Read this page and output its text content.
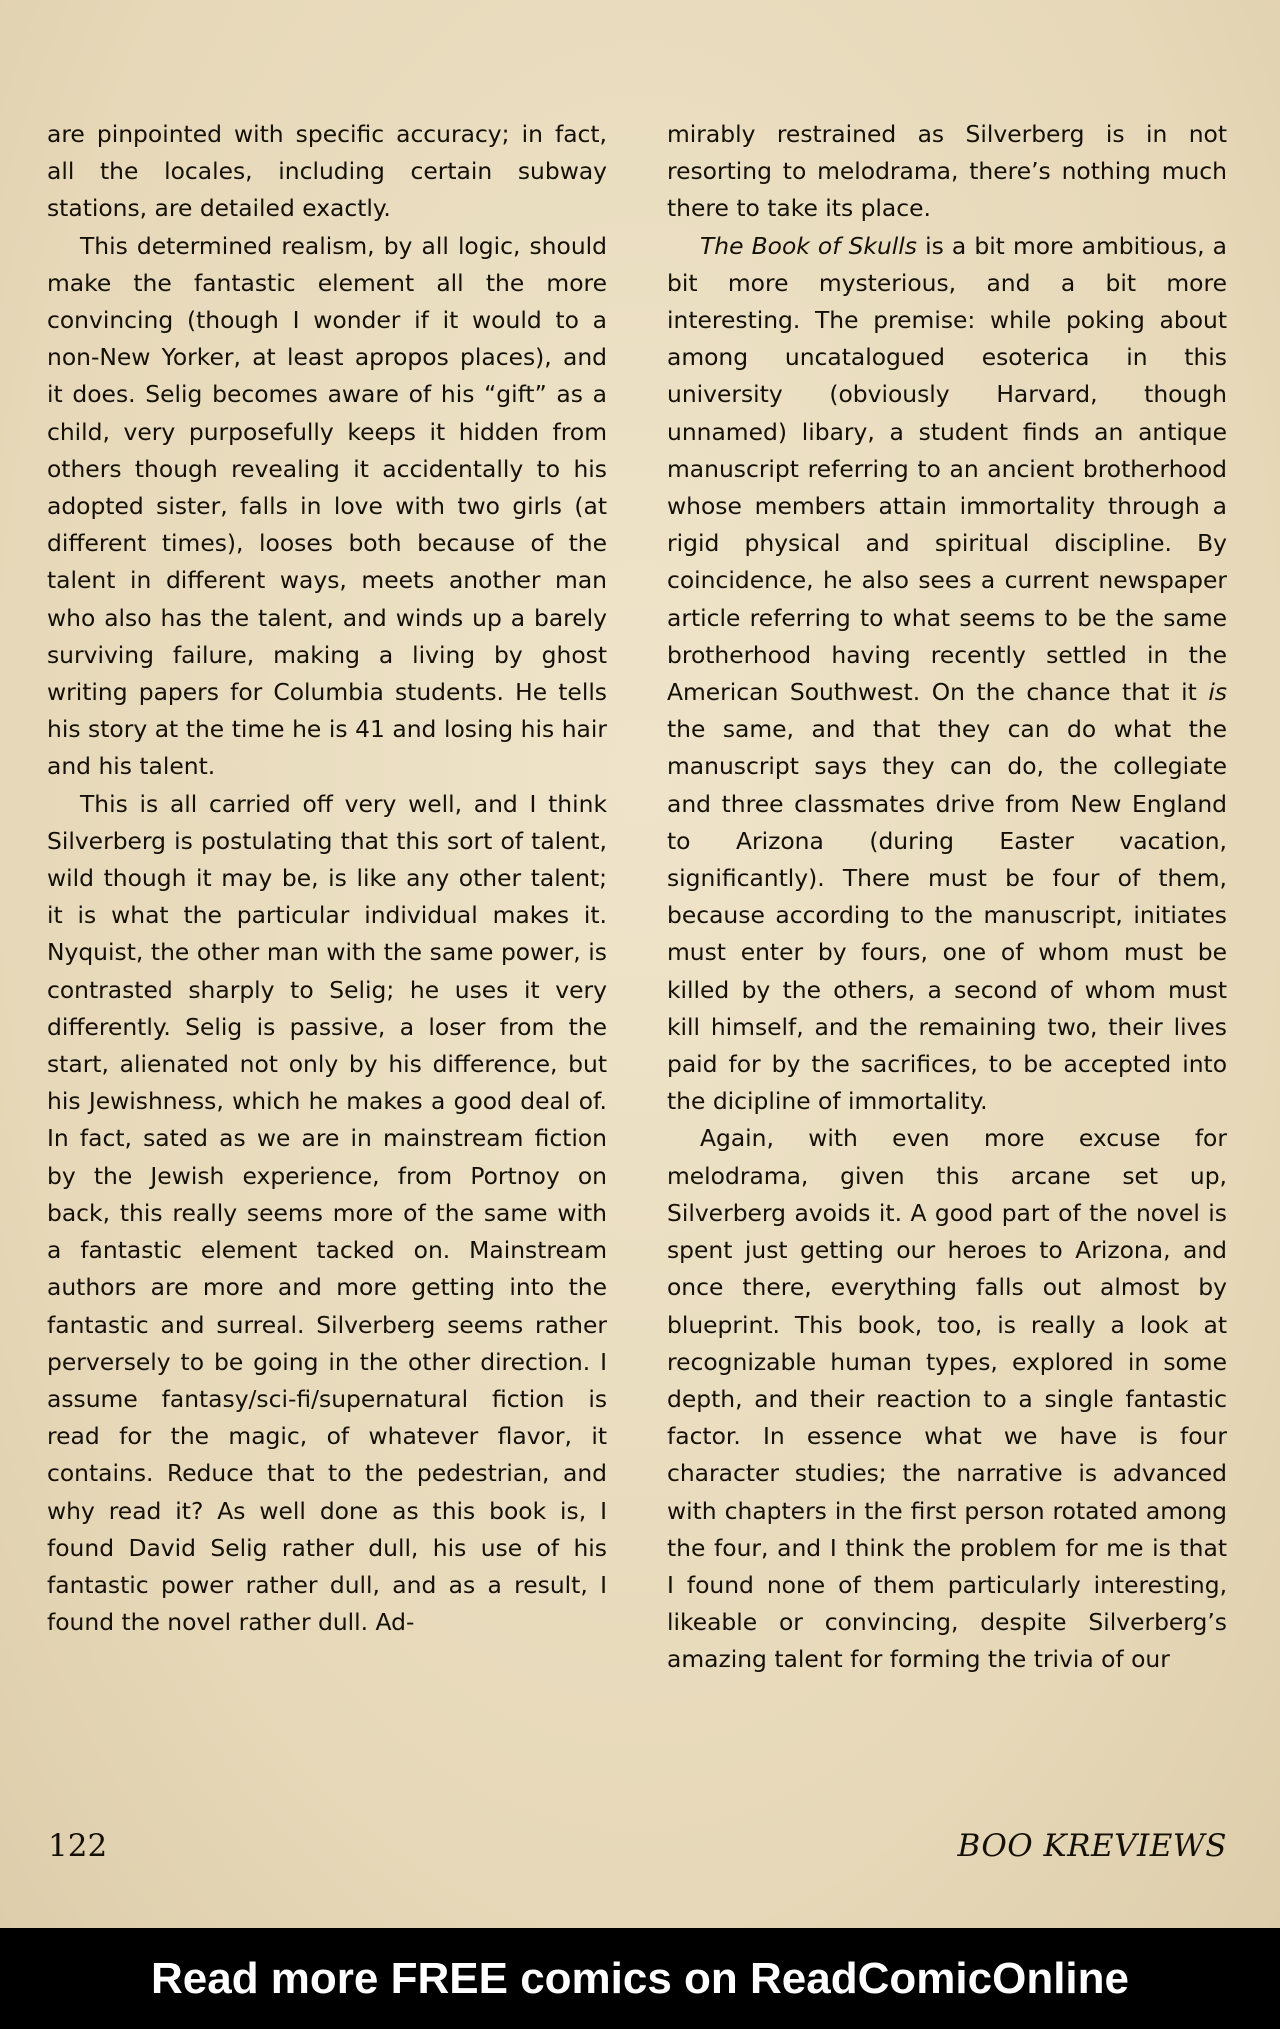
are pinpointed with specific accuracy; in fact, all the locales, including certain subway stations, are detailed exactly.

This determined realism, by all logic, should make the fantastic element all the more convincing (though I wonder if it would to a non-New Yorker, at least apropos places), and it does. Selig becomes aware of his “gift” as a child, very purposefully keeps it hidden from others though revealing it accidentally to his adopted sister, falls in love with two girls (at different times), looses both because of the talent in different ways, meets another man who also has the talent, and winds up a barely surviving failure, making a living by ghost writing papers for Columbia students. He tells his story at the time he is 41 and losing his hair and his talent.

This is all carried off very well, and I think Silverberg is postulating that this sort of talent, wild though it may be, is like any other talent; it is what the particular individual makes it. Nyquist, the other man with the same power, is contrasted sharply to Selig; he uses it very differently. Selig is passive, a loser from the start, alienated not only by his difference, but his Jewishness, which he makes a good deal of. In fact, sated as we are in mainstream fiction by the Jewish experience, from Portnoy on back, this really seems more of the same with a fantastic element tacked on. Mainstream authors are more and more getting into the fantastic and surreal. Silverberg seems rather perversely to be going in the other direction. I assume fantasy/sci-fi/supernatural fiction is read for the magic, of whatever flavor, it contains. Reduce that to the pedestrian, and why read it? As well done as this book is, I found David Selig rather dull, his use of his fantastic power rather dull, and as a result, I found the novel rather dull. Ad-

mirably restrained as Silverberg is in not resorting to melodrama, there’s nothing much there to take its place.

The Book of Skulls is a bit more ambitious, a bit more mysterious, and a bit more interesting. The premise: while poking about among uncatalogued esoterica in this university (obviously Harvard, though unnamed) libary, a student finds an antique manuscript referring to an ancient brotherhood whose members attain immortality through a rigid physical and spiritual discipline. By coincidence, he also sees a current newspaper article referring to what seems to be the same brotherhood having recently settled in the American Southwest. On the chance that it is the same, and that they can do what the manuscript says they can do, the collegiate and three classmates drive from New England to Arizona (during Easter vacation, significantly). There must be four of them, because according to the manuscript, initiates must enter by fours, one of whom must be killed by the others, a second of whom must kill himself, and the remaining two, their lives paid for by the sacrifices, to be accepted into the dicipline of immortality.

Again, with even more excuse for melodrama, given this arcane set up, Silverberg avoids it. A good part of the novel is spent just getting our heroes to Arizona, and once there, everything falls out almost by blueprint. This book, too, is really a look at recognizable human types, explored in some depth, and their reaction to a single fantastic factor. In essence what we have is four character studies; the narrative is advanced with chapters in the first person rotated among the four, and I think the problem for me is that I found none of them particularly interesting, likeable or convincing, despite Silverberg’s amazing talent for forming the trivia of our

122	BOO KREVIEWS
Read more FREE comics on ReadComicOnline
